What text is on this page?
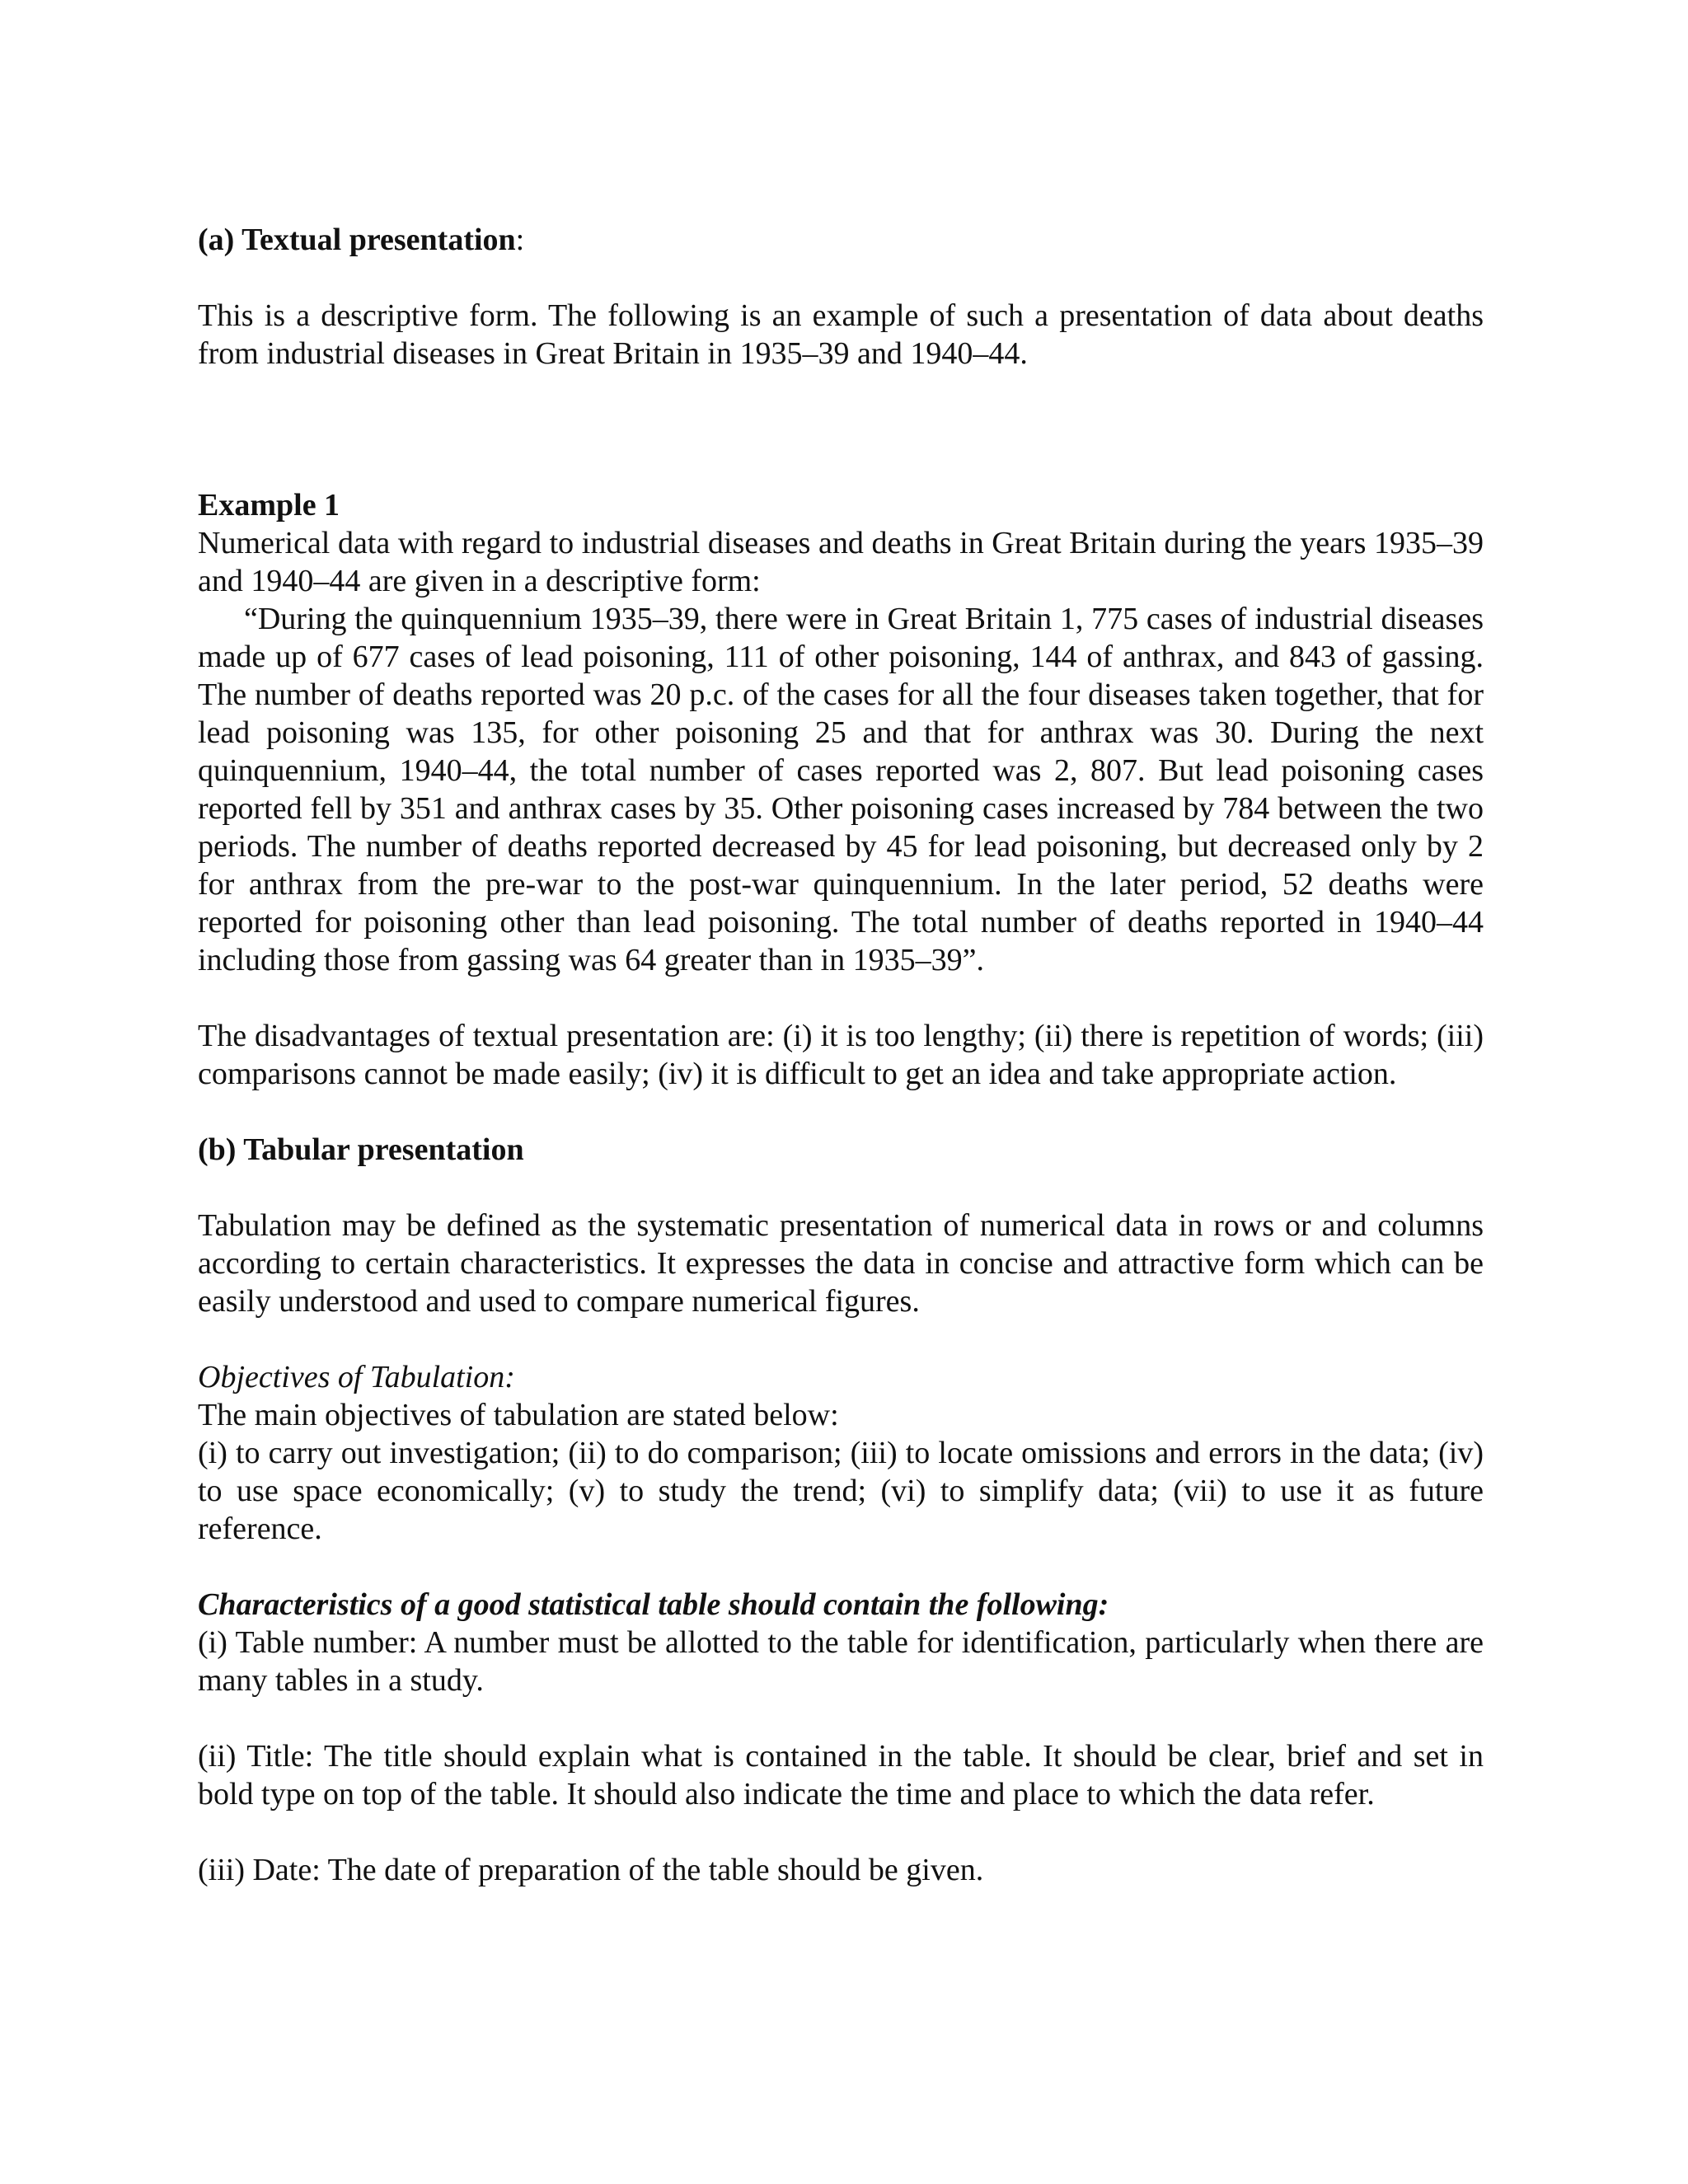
(a) Textual presentation:

This is a descriptive form. The following is an example of such a presentation of data about deaths from industrial diseases in Great Britain in 1935–39 and 1940–44.

Example 1

Numerical data with regard to industrial diseases and deaths in Great Britain during the years 1935–39 and 1940–44 are given in a descriptive form:

“During the quinquennium 1935–39, there were in Great Britain 1, 775 cases of industrial diseases made up of 677 cases of lead poisoning, 111 of other poisoning, 144 of anthrax, and 843 of gassing. The number of deaths reported was 20 p.c. of the cases for all the four diseases taken together, that for lead poisoning was 135, for other poisoning 25 and that for anthrax was 30. During the next quinquennium, 1940–44, the total number of cases reported was 2, 807. But lead poisoning cases reported fell by 351 and anthrax cases by 35. Other poisoning cases increased by 784 between the two periods. The number of deaths reported decreased by 45 for lead poisoning, but decreased only by 2 for anthrax from the pre-war to the post-war quinquennium. In the later period, 52 deaths were reported for poisoning other than lead poisoning. The total number of deaths reported in 1940–44 including those from gassing was 64 greater than in 1935–39”.

The disadvantages of textual presentation are: (i) it is too lengthy; (ii) there is repetition of words; (iii) comparisons cannot be made easily; (iv) it is difficult to get an idea and take appropriate action.

(b) Tabular presentation

Tabulation may be defined as the systematic presentation of numerical data in rows or and columns according to certain characteristics. It expresses the data in concise and attractive form which can be easily understood and used to compare numerical figures.

Objectives of Tabulation:

The main objectives of tabulation are stated below:

(i) to carry out investigation; (ii) to do comparison; (iii) to locate omissions and errors in the data; (iv) to use space economically; (v) to study the trend; (vi) to simplify data; (vii) to use it as future reference.

Characteristics of a good statistical table should contain the following:

(i) Table number: A number must be allotted to the table for identification, particularly when there are many tables in a study.

(ii) Title: The title should explain what is contained in the table. It should be clear, brief and set in bold type on top of the table. It should also indicate the time and place to which the data refer.

(iii) Date: The date of preparation of the table should be given.
